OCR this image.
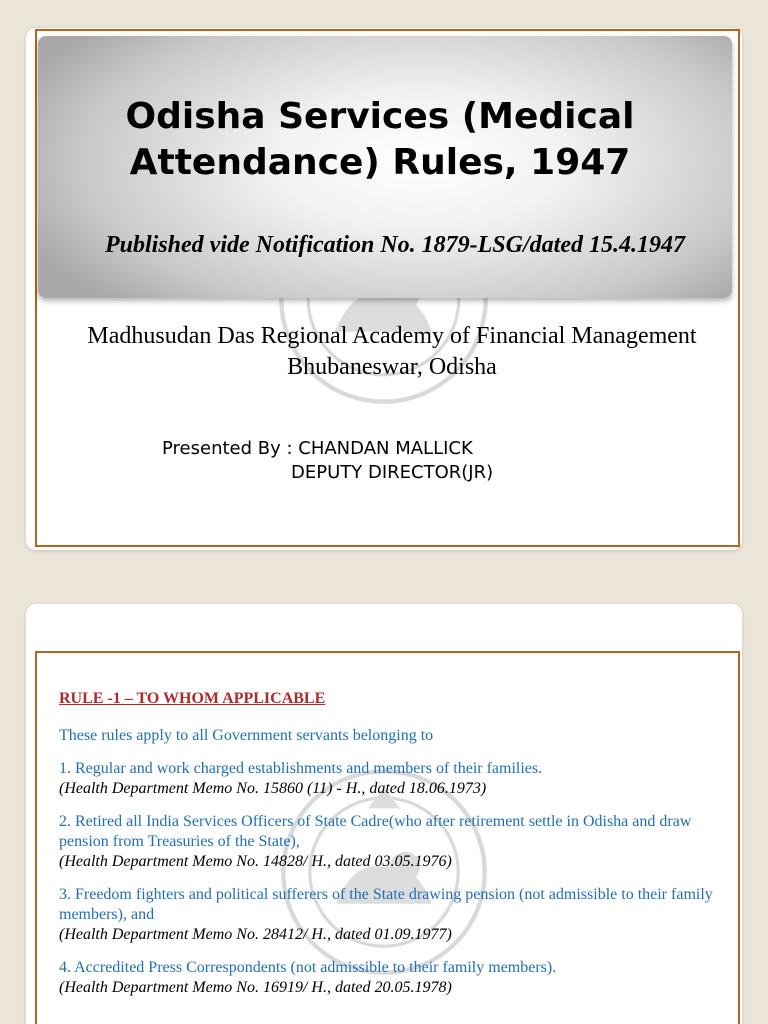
Odisha Services (Medical
Attendance) Rules, 1947
Published vide Notification No. 1879-LSG/dated 15.4.1947
Madhusudan Das Regional Academy of Financial Management
Bhubaneswar, Odisha
Presented By : CHANDAN MALLICK
DEPUTY DIRECTOR(JR)
RULE -1 – TO WHOM APPLICABLE
These rules apply to all Government servants belonging to
1. Regular and work charged establishments and members of their families.
(Health Department Memo No. 15860 (11) - H., dated 18.06.1973)
2. Retired all India Services Officers of State Cadre(who after retirement settle in Odisha and draw pension from Treasuries of the State),
(Health Department Memo No. 14828/ H., dated 03.05.1976)
3. Freedom fighters and political sufferers of the State drawing pension (not admissible to their family members), and
(Health Department Memo No. 28412/ H., dated 01.09.1977)
4. Accredited Press Correspondents (not admissible to their family members).
(Health Department Memo No. 16919/ H., dated 20.05.1978)
